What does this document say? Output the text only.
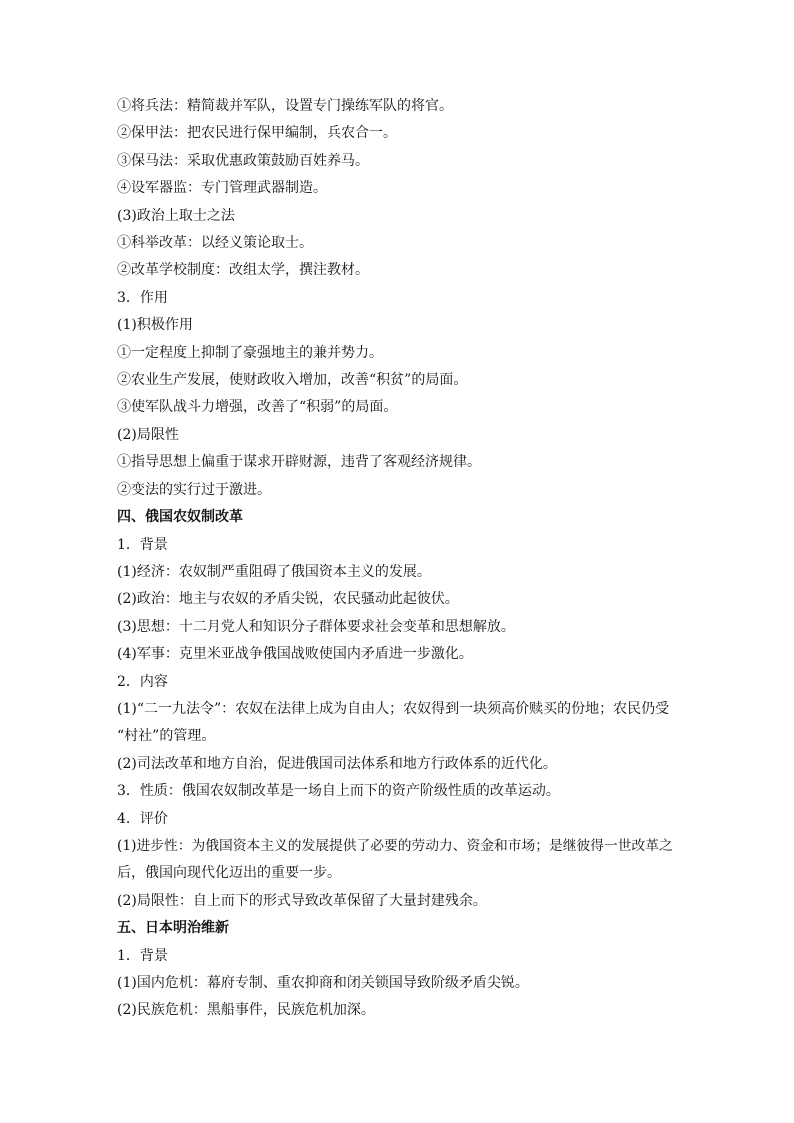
①将兵法：精简裁并军队，设置专门操练军队的将官。
②保甲法：把农民进行保甲编制，兵农合一。
③保马法：采取优惠政策鼓励百姓养马。
④设军器监：专门管理武器制造。
(3)政治上取士之法
①科举改革：以经义策论取士。
②改革学校制度：改组太学，撰注教材。
3．作用
(1)积极作用
①一定程度上抑制了豪强地主的兼并势力。
②农业生产发展，使财政收入增加，改善“积贫”的局面。
③使军队战斗力增强，改善了“积弱”的局面。
(2)局限性
①指导思想上偏重于谋求开辟财源，违背了客观经济规律。
②变法的实行过于激进。
四、俄国农奴制改革
1．背景
(1)经济：农奴制严重阻碍了俄国资本主义的发展。
(2)政治：地主与农奴的矛盾尖锐，农民骚动此起彼伏。
(3)思想：十二月党人和知识分子群体要求社会变革和思想解放。
(4)军事：克里米亚战争俄国战败使国内矛盾进一步激化。
2．内容
(1)“二一九法令”：农奴在法律上成为自由人；农奴得到一块须高价赎买的份地；农民仍受
“村社”的管理。
(2)司法改革和地方自治，促进俄国司法体系和地方行政体系的近代化。
3．性质：俄国农奴制改革是一场自上而下的资产阶级性质的改革运动。
4．评价
(1)进步性：为俄国资本主义的发展提供了必要的劳动力、资金和市场；是继彼得一世改革之
后，俄国向现代化迈出的重要一步。
(2)局限性：自上而下的形式导致改革保留了大量封建残余。
五、日本明治维新
1．背景
(1)国内危机：幕府专制、重农抑商和闭关锁国导致阶级矛盾尖锐。
(2)民族危机：黑船事件，民族危机加深。
